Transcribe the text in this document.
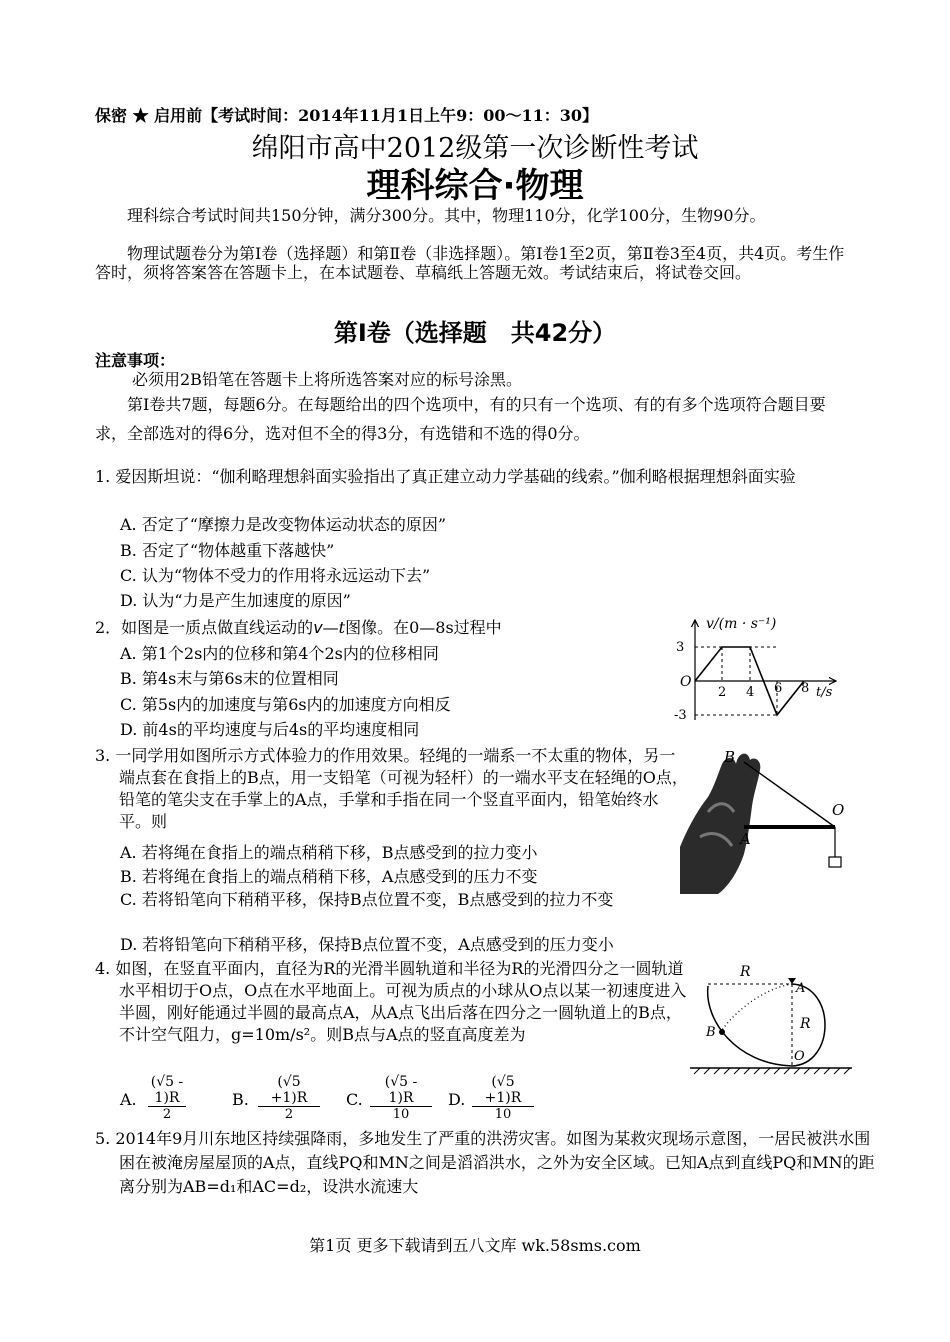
保密 ★ 启用前【考试时间：2014年11月1日上午9：00～11：30】
绵阳市高中2012级第一次诊断性考试
理科综合·物理
理科综合考试时间共150分钟，满分300分。其中，物理110分，化学100分，生物90分。
物理试题卷分为第Ⅰ卷（选择题）和第Ⅱ卷（非选择题）。第Ⅰ卷1至2页，第Ⅱ卷3至4页，共4页。考生作答时，须将答案答在答题卡上，在本试题卷、草稿纸上答题无效。考试结束后，将试卷交回。
第Ⅰ卷（选择题　共42分）
注意事项：
必须用2B铅笔在答题卡上将所选答案对应的标号涂黑。
第Ⅰ卷共7题，每题6分。在每题给出的四个选项中，有的只有一个选项、有的有多个选项符合题目要求，全部选对的得6分，选对但不全的得3分，有选错和不选的得0分。
1. 爱因斯坦说：“伽利略理想斜面实验指出了真正建立动力学基础的线索。”伽利略根据理想斜面实验
A. 否定了“摩擦力是改变物体运动状态的原因”
B. 否定了“物体越重下落越快”
C. 认为“物体不受力的作用将永远运动下去”
D. 认为“力是产生加速度的原因”
2．如图是一质点做直线运动的v—t图像。在0—8s过程中
A. 第1个2s内的位移和第4个2s内的位移相同
B. 第4s末与第6s末的位置相同
C. 第5s内的加速度与第6s内的加速度方向相反
D. 前4s的平均速度与后4s的平均速度相同
v/(m · s⁻¹)
3
-3
O
2 4 6 8 t/s
3. 一同学用如图所示方式体验力的作用效果。轻绳的一端系一不太重的物体，另一端点套在食指上的B点，用一支铅笔（可视为轻杆）的一端水平支在轻绳的O点，铅笔的笔尖支在手掌上的A点，手掌和手指在同一个竖直平面内，铅笔始终水平。则
A. 若将绳在食指上的端点稍稍下移，B点感受到的拉力变小
B. 若将绳在食指上的端点稍稍下移，A点感受到的压力不变
C. 若将铅笔向下稍稍平移，保持B点位置不变，B点感受到的拉力不变
D. 若将铅笔向下稍稍平移，保持B点位置不变，A点感受到的压力变小
B
O
A
4. 如图，在竖直平面内，直径为R的光滑半圆轨道和半径为R的光滑四分之一圆轨道水平相切于O点，O点在水平地面上。可视为质点的小球从O点以某一初速度进入半圆，刚好能通过半圆的最高点A，从A点飞出后落在四分之一圆轨道上的B点，不计空气阻力，g=10m/s²。则B点与A点的竖直高度差为
A. $\frac{(√5 - 1)R}{2}$	B. $\frac{(√5 +1)R}{2} C$. $\frac{(√5 - 1)R}{10} D$. $\frac{(√5 +1)R}{10}$
R
A
R
B
O
5. 2014年9月川东地区持续强降雨，多地发生了严重的洪涝灾害。如图为某救灾现场示意图，一居民被洪水围困在被淹房屋屋顶的A点，直线PQ和MN之间是滔滔洪水，之外为安全区域。已知A点到直线PQ和MN的距离分别为AB=d₁和AC=d₂，设洪水流速大
第1页 更多下载请到五八文库 wk.58sms.com
